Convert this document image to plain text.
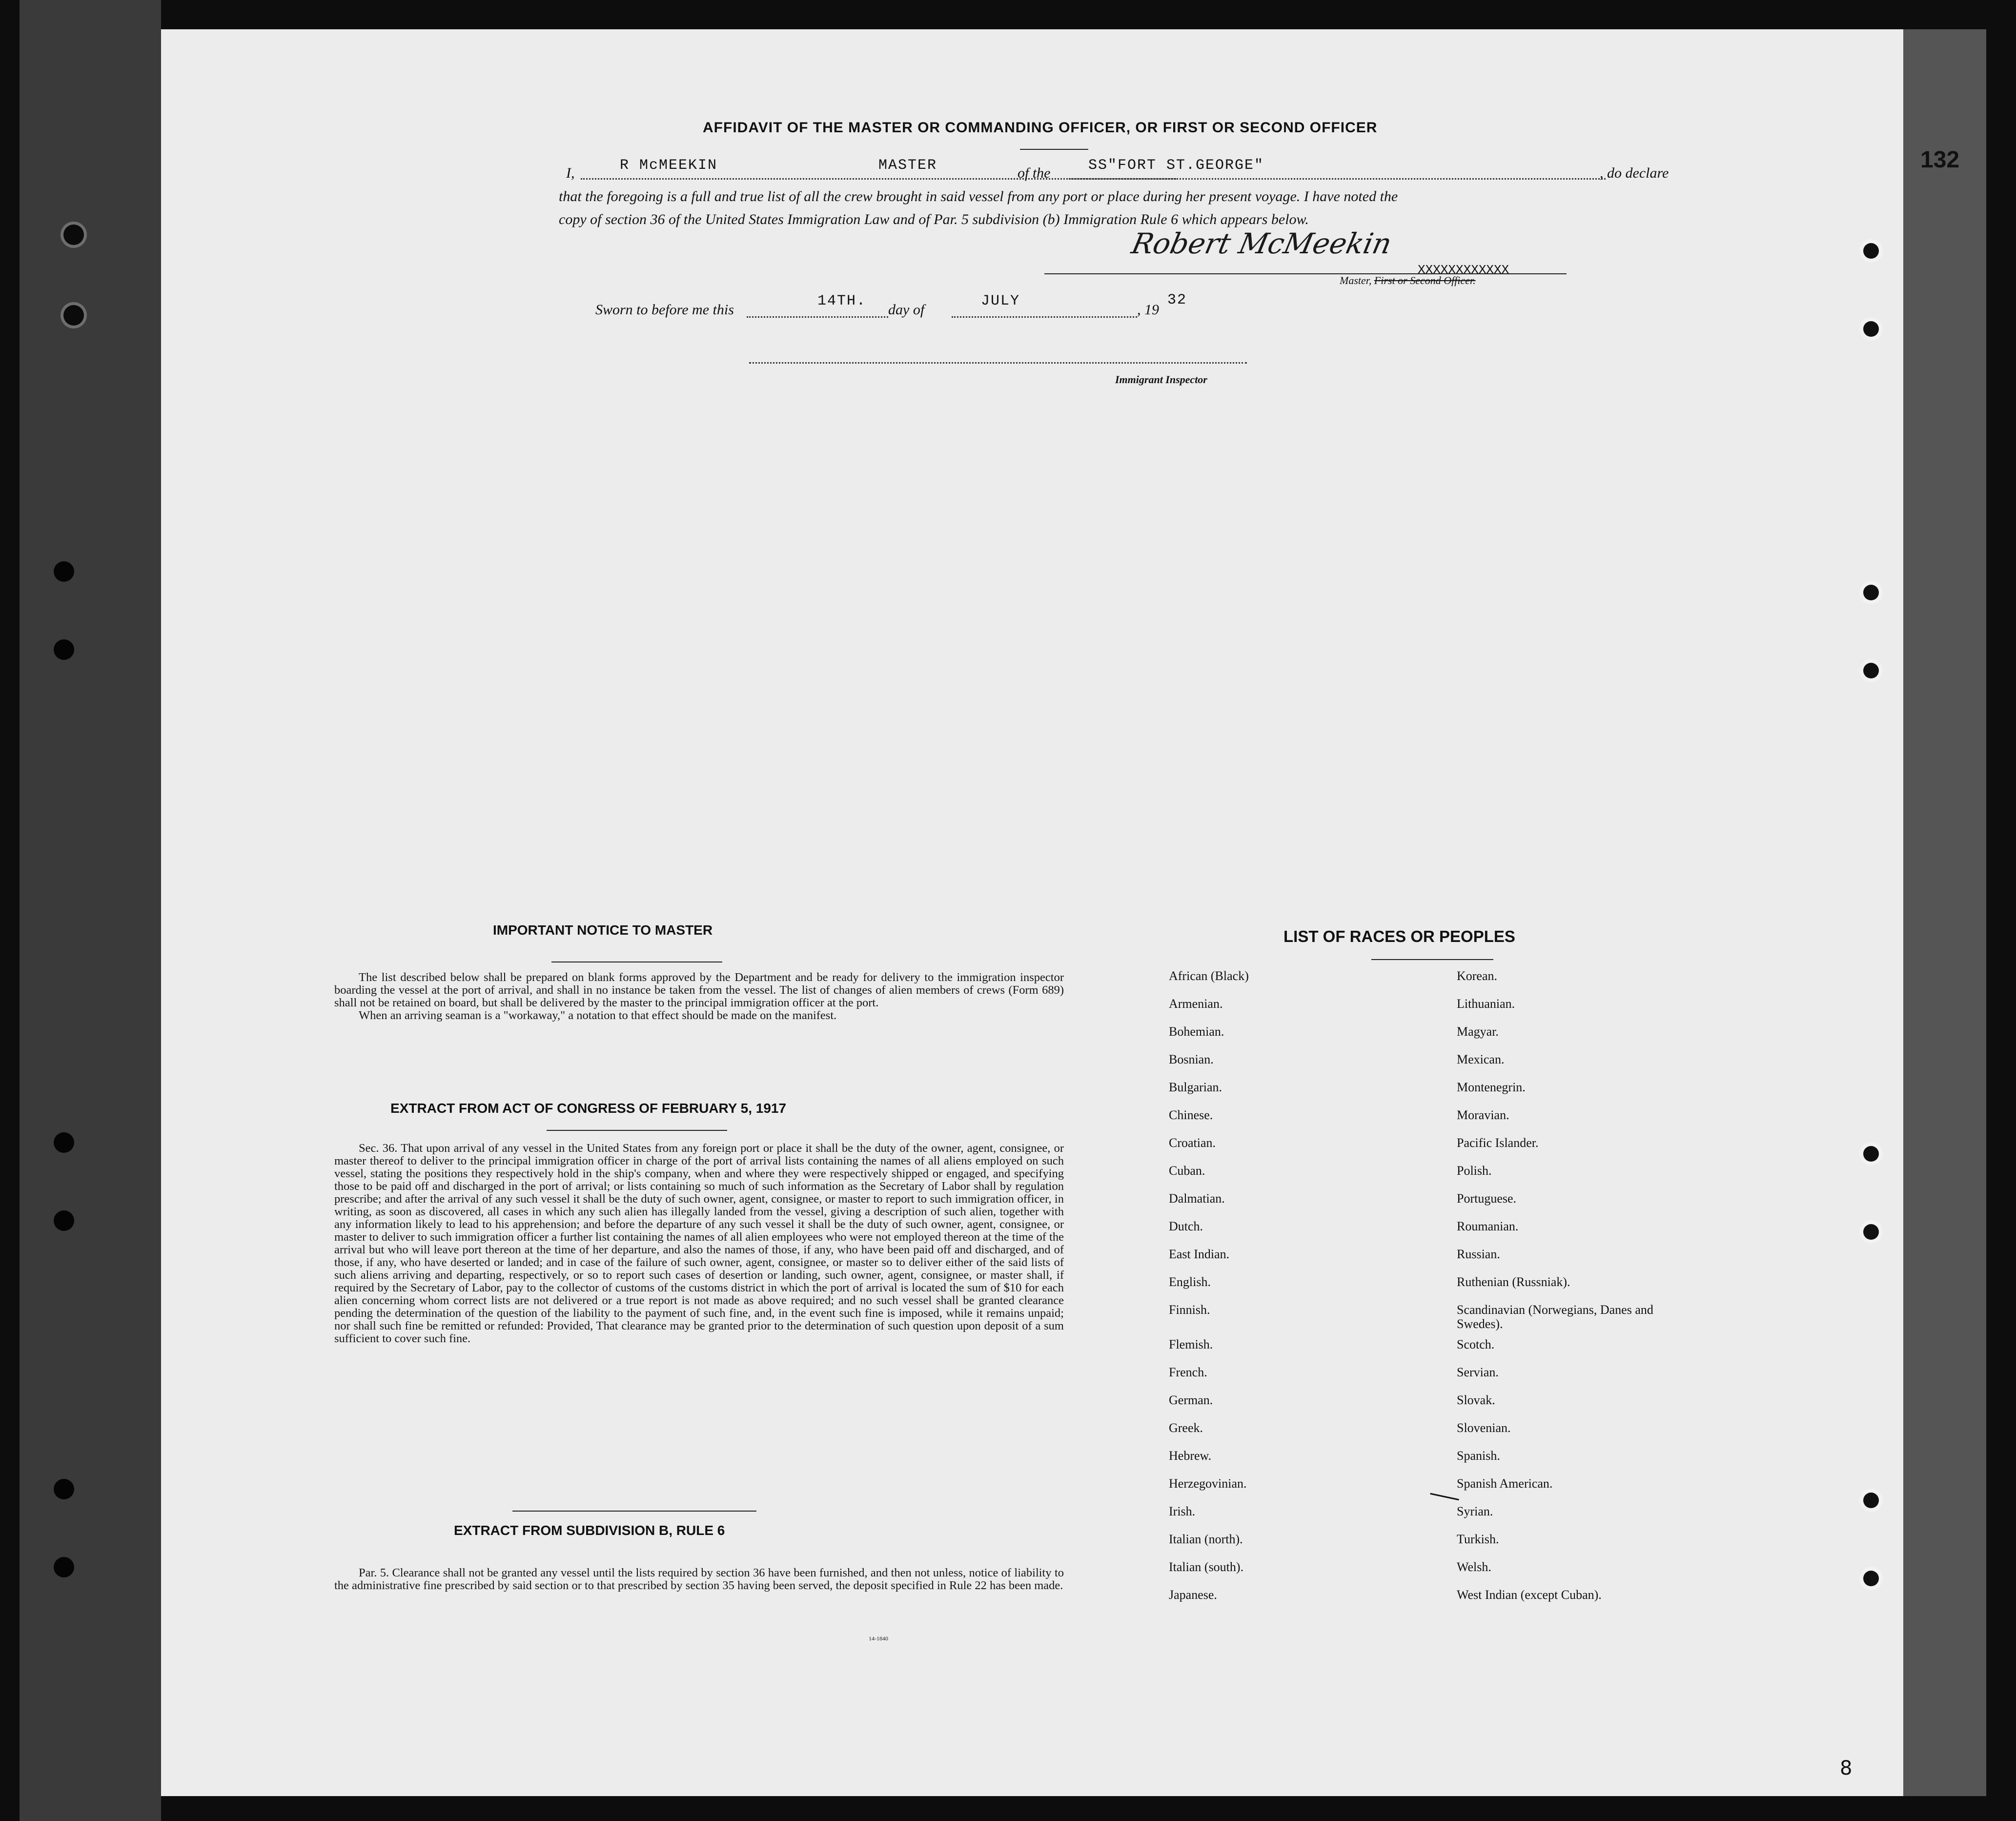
132
AFFIDAVIT OF THE MASTER OR COMMANDING OFFICER, OR FIRST OR SECOND OFFICER
I,	R McMEEKIN	MASTER	of the	SS"FORT ST.GEORGE"	, do declare
that the foregoing is a full and true list of all the crew brought in said vessel from any port or place during her present voyage. I have noted the
copy of section 36 of the United States Immigration Law and of Par. 5 subdivision (b) Immigration Rule 6 which appears below.
Robert McMeekin
Master, First or Second Officer.
XXXXXXXXXXXX
Sworn to before me this
14TH.
day of
JULY
, 19
32
Immigrant Inspector
IMPORTANT NOTICE TO MASTER

The list described below shall be prepared on blank forms approved by the Department and be ready for delivery to the immigration inspector boarding the vessel at the port of arrival, and shall in no instance be taken from the vessel. The list of changes of alien members of crews (Form 689) shall not be retained on board, but shall be delivered by the master to the principal immigration officer at the port.

When an arriving seaman is a "workaway," a notation to that effect should be made on the manifest.

EXTRACT FROM ACT OF CONGRESS OF FEBRUARY 5, 1917

Sec. 36. That upon arrival of any vessel in the United States from any foreign port or place it shall be the duty of the owner, agent, consignee, or master thereof to deliver to the principal immigration officer in charge of the port of arrival lists containing the names of all aliens employed on such vessel, stating the positions they respectively hold in the ship's company, when and where they were respectively shipped or engaged, and specifying those to be paid off and discharged in the port of arrival; or lists containing so much of such information as the Secretary of Labor shall by regulation prescribe; and after the arrival of any such vessel it shall be the duty of such owner, agent, consignee, or master to report to such immigration officer, in writing, as soon as discovered, all cases in which any such alien has illegally landed from the vessel, giving a description of such alien, together with any information likely to lead to his apprehension; and before the departure of any such vessel it shall be the duty of such owner, agent, consignee, or master to deliver to such immigration officer a further list containing the names of all alien employees who were not employed thereon at the time of the arrival but who will leave port thereon at the time of her departure, and also the names of those, if any, who have been paid off and discharged, and of those, if any, who have deserted or landed; and in case of the failure of such owner, agent, consignee, or master so to deliver either of the said lists of such aliens arriving and departing, respectively, or so to report such cases of desertion or landing, such owner, agent, consignee, or master shall, if required by the Secretary of Labor, pay to the collector of customs of the customs district in which the port of arrival is located the sum of $10 for each alien concerning whom correct lists are not delivered or a true report is not made as above required; and no such vessel shall be granted clearance pending the determination of the question of the liability to the payment of such fine, and, in the event such fine is imposed, while it remains unpaid; nor shall such fine be remitted or refunded: Provided, That clearance may be granted prior to the determination of such question upon deposit of a sum sufficient to cover such fine.

EXTRACT FROM SUBDIVISION B, RULE 6

Par. 5. Clearance shall not be granted any vessel until the lists required by section 36 have been furnished, and then not unless, notice of liability to the administrative fine prescribed by said section or to that prescribed by section 35 having been served, the deposit specified in Rule 22 has been made.

14-1840
LIST OF RACES OR PEOPLES
African (Black)
Armenian.
Bohemian.
Bosnian.
Bulgarian.
Chinese.
Croatian.
Cuban.
Dalmatian.
Dutch.
East Indian.
English.
Finnish.
Flemish.
French.
German.
Greek.
Hebrew.
Herzegovinian.
Irish.
Italian (north).
Italian (south).
Japanese.
Korean.
Lithuanian.
Magyar.
Mexican.
Montenegrin.
Moravian.
Pacific Islander.
Polish.
Portuguese.
Roumanian.
Russian.
Ruthenian (Russniak).
Scandinavian (Norwegians, Danes and Swedes).
Scotch.
Servian.
Slovak.
Slovenian.
Spanish.
Spanish American.
Syrian.
Turkish.
Welsh.
West Indian (except Cuban).
8
